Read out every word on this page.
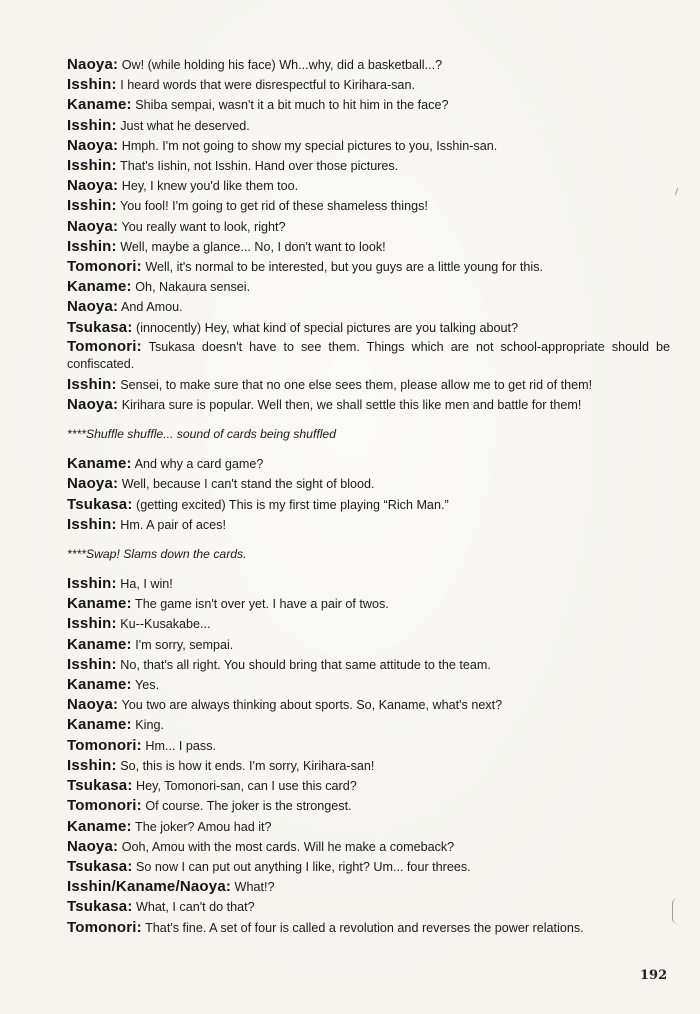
Naoya: Ow! (while holding his face) Wh...why, did a basketball...?
Isshin: I heard words that were disrespectful to Kirihara-san.
Kaname: Shiba sempai, wasn't it a bit much to hit him in the face?
Isshin: Just what he deserved.
Naoya: Hmph. I'm not going to show my special pictures to you, Isshin-san.
Isshin: That's Iishin, not Isshin. Hand over those pictures.
Naoya: Hey, I knew you'd like them too.
Isshin: You fool! I'm going to get rid of these shameless things!
Naoya: You really want to look, right?
Isshin: Well, maybe a glance... No, I don't want to look!
Tomonori: Well, it's normal to be interested, but you guys are a little young for this.
Kaname: Oh, Nakaura sensei.
Naoya: And Amou.
Tsukasa: (innocently) Hey, what kind of special pictures are you talking about?
Tomonori: Tsukasa doesn't have to see them. Things which are not school-appropriate should be confiscated.
Isshin: Sensei, to make sure that no one else sees them, please allow me to get rid of them!
Naoya: Kirihara sure is popular. Well then, we shall settle this like men and battle for them!
****Shuffle shuffle... sound of cards being shuffled
Kaname: And why a card game?
Naoya: Well, because I can't stand the sight of blood.
Tsukasa: (getting excited) This is my first time playing “Rich Man.”
Isshin: Hm. A pair of aces!
****Swap! Slams down the cards.
Isshin: Ha, I win!
Kaname: The game isn't over yet. I have a pair of twos.
Isshin: Ku--Kusakabe...
Kaname: I'm sorry, sempai.
Isshin: No, that's all right. You should bring that same attitude to the team.
Kaname: Yes.
Naoya: You two are always thinking about sports. So, Kaname, what's next?
Kaname: King.
Tomonori: Hm... I pass.
Isshin: So, this is how it ends. I'm sorry, Kirihara-san!
Tsukasa: Hey, Tomonori-san, can I use this card?
Tomonori: Of course. The joker is the strongest.
Kaname: The joker? Amou had it?
Naoya: Ooh, Amou with the most cards. Will he make a comeback?
Tsukasa: So now I can put out anything I like, right? Um... four threes.
Isshin/Kaname/Naoya: What!?
Tsukasa: What, I can't do that?
Tomonori: That's fine. A set of four is called a revolution and reverses the power relations.
192
